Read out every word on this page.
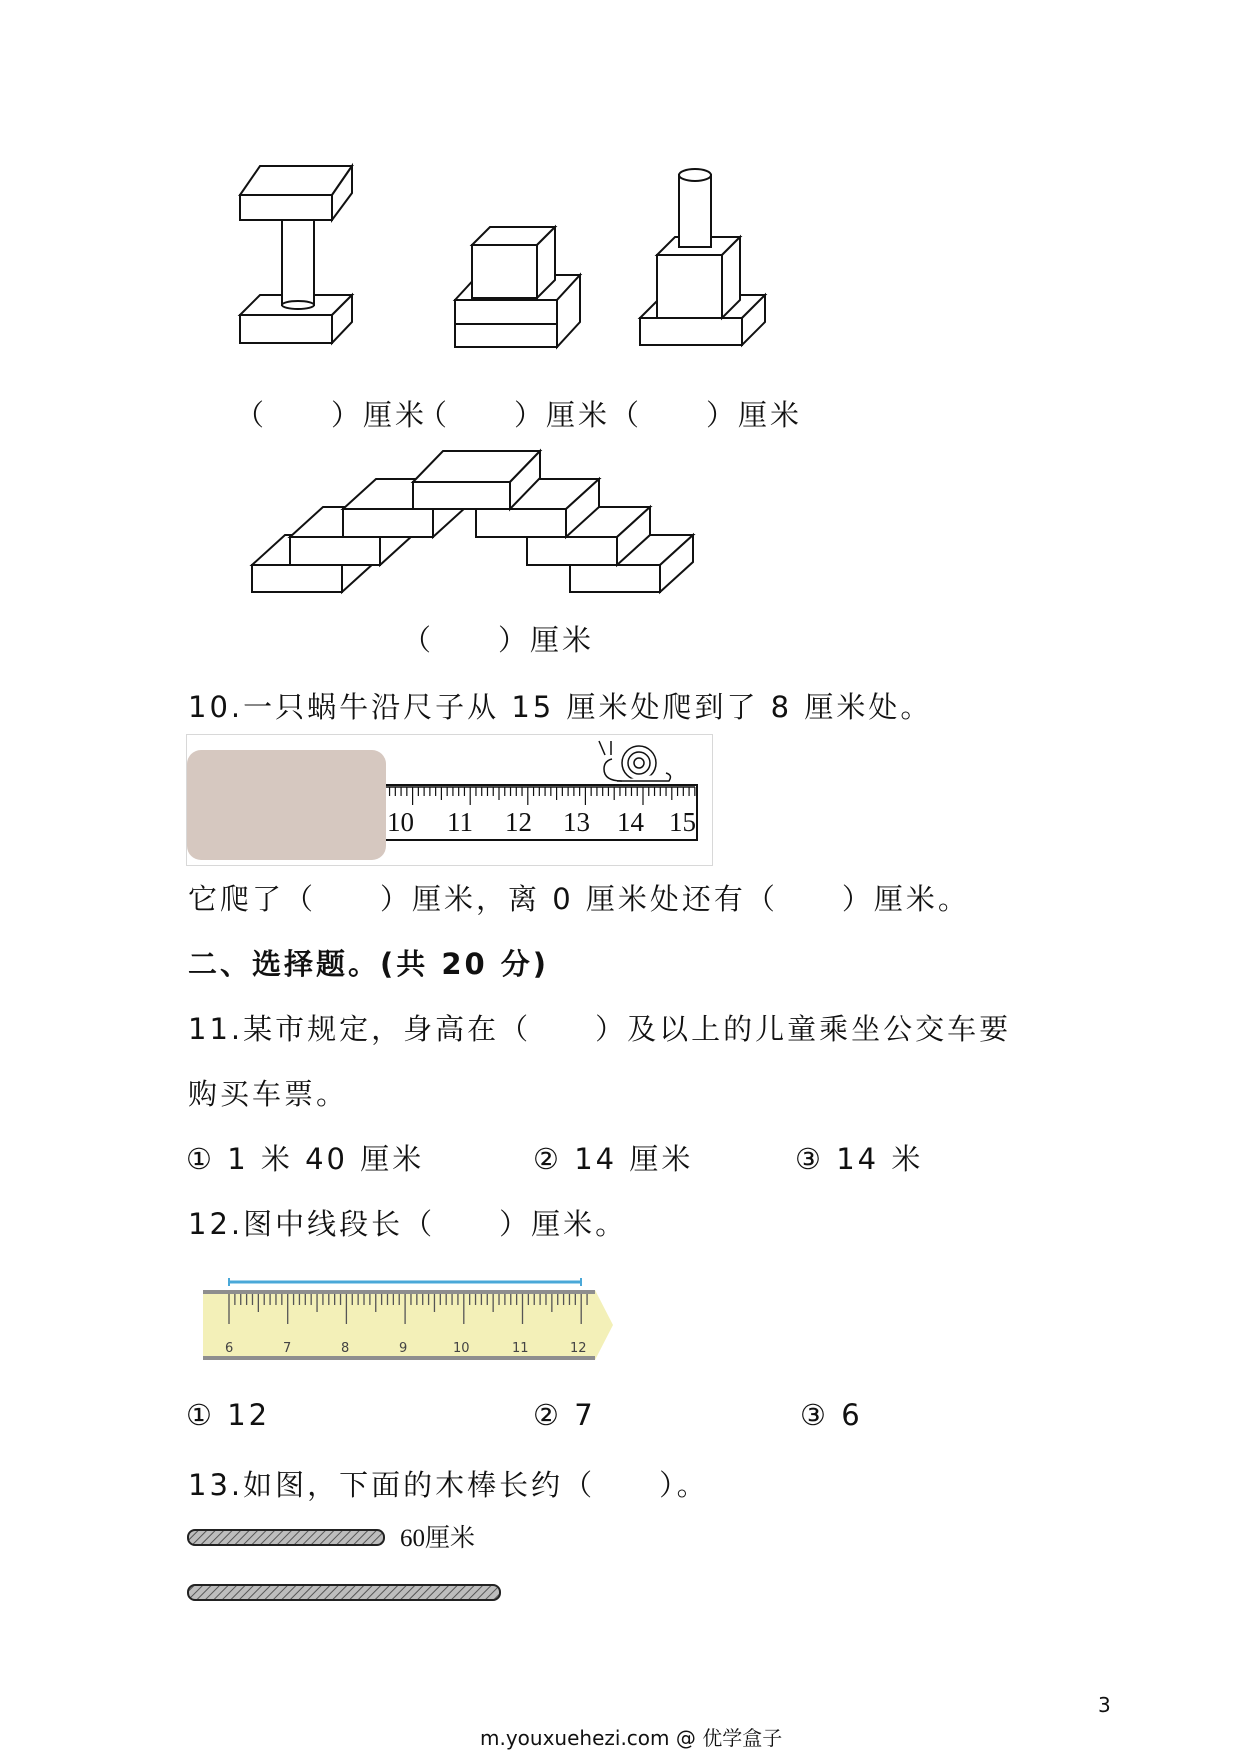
（　　）厘米
（　　）厘米 （　　）厘米
（　　）厘米
10.一只蜗牛沿尺子从 15 厘米处爬到了 8 厘米处。
10 11 12 13 14 15
它爬了（　　）厘米，离 0 厘米处还有（　　）厘米。
二、选择题。(共 20 分)
11.某市规定，身高在（　　）及以上的儿童乘坐公交车要
购买车票。
① 1 米 40 厘米	② 14 厘米	③ 14 米
12.图中线段长（　　）厘米。
6	7	8	9	10	11	12
① 12	② 7	③ 6
13.如图，下面的木棒长约（　　）。
60厘米
3
m.youxuehezi.com @ 优学盒子
